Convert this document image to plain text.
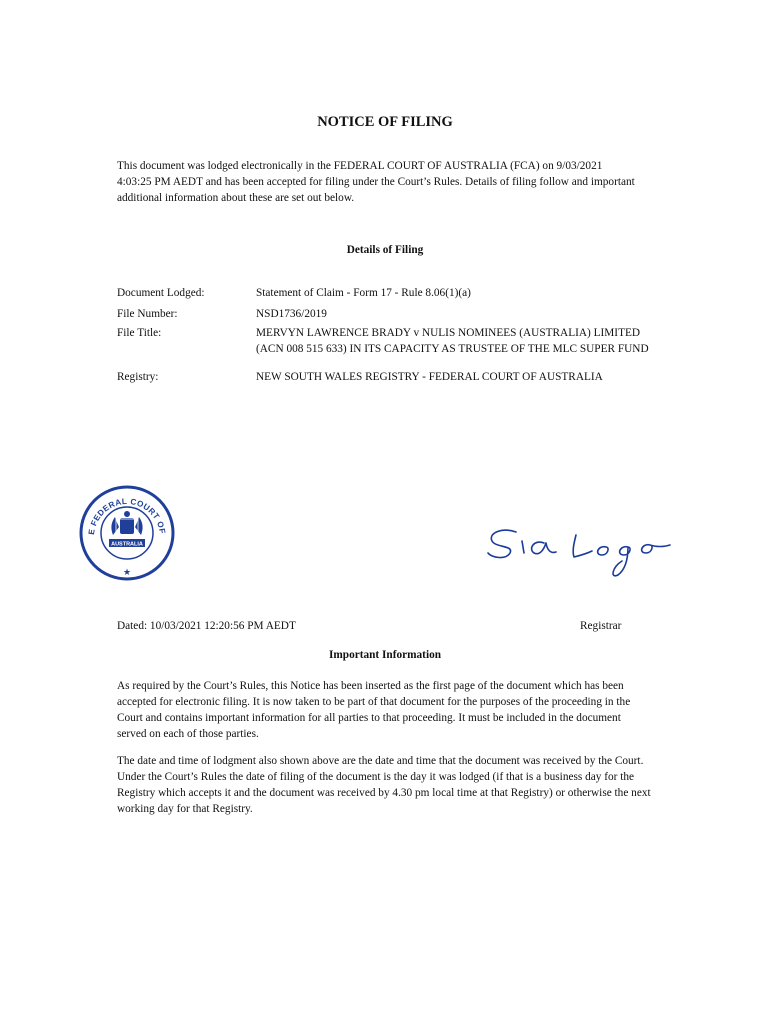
NOTICE OF FILING
This document was lodged electronically in the FEDERAL COURT OF AUSTRALIA (FCA) on 9/03/2021 4:03:25 PM AEDT and has been accepted for filing under the Court’s Rules. Details of filing follow and important additional information about these are set out below.
Details of Filing
Document Lodged:	Statement of Claim - Form 17 - Rule 8.06(1)(a)
File Number:	NSD1736/2019
File Title:	MERVYN LAWRENCE BRADY v NULIS NOMINEES (AUSTRALIA) LIMITED (ACN 008 515 633) IN ITS CAPACITY AS TRUSTEE OF THE MLC SUPER FUND
Registry:	NEW SOUTH WALES REGISTRY - FEDERAL COURT OF AUSTRALIA
E FEDERAL COURT OF
AUSTRALIA
★
Dated: 10/03/2021 12:20:56 PM AEDT	Registrar
Important Information
As required by the Court’s Rules, this Notice has been inserted as the first page of the document which has been accepted for electronic filing. It is now taken to be part of that document for the purposes of the proceeding in the Court and contains important information for all parties to that proceeding. It must be included in the document served on each of those parties.
The date and time of lodgment also shown above are the date and time that the document was received by the Court. Under the Court’s Rules the date of filing of the document is the day it was lodged (if that is a business day for the Registry which accepts it and the document was received by 4.30 pm local time at that Registry) or otherwise the next working day for that Registry.
